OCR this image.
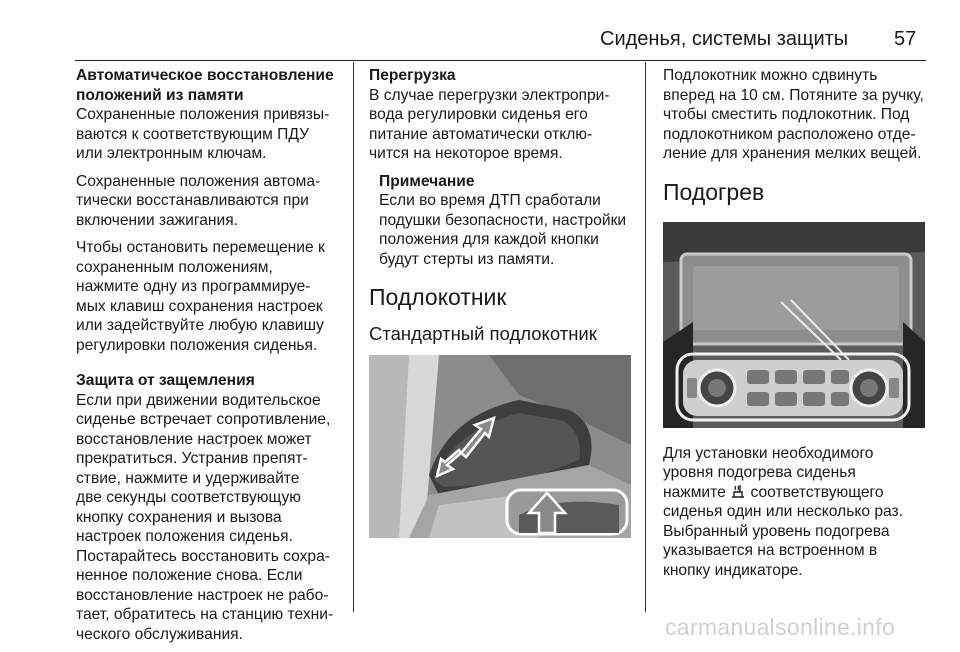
Сиденья, системы защиты 57
Автоматическое восстановление
положений из памяти

Сохраненные положения привязы-
ваются к соответствующим ПДУ
или электронным ключам.

Сохраненные положения автома-
тически восстанавливаются при
включении зажигания.

Чтобы остановить перемещение к
сохраненным положениям,
нажмите одну из программируе-
мых клавиш сохранения настроек
или задействуйте любую клавишу
регулировки положения сиденья.

Защита от защемления

Если при движении водительское
сиденье встречает сопротивление,
восстановление настроек может
прекратиться. Устранив препят-
ствие, нажмите и удерживайте
две секунды соответствующую
кнопку сохранения и вызова
настроек положения сиденья.
Постарайтесь восстановить сохра-
ненное положение снова. Если
восстановление настроек не рабо-
тает, обратитесь на станцию техни-
ческого обслуживания.

Перегрузка

В случае перегрузки электропри-
вода регулировки сиденья его
питание автоматически отклю-
чится на некоторое время.

Примечание
Если во время ДТП сработали
подушки безопасности, настройки
положения для каждой кнопки
будут стерты из памяти.
Подлокотник
Стандартный подлокотник

Подлокотник можно сдвинуть
вперед на 10 см. Потяните за ручку,
чтобы сместить подлокотник. Под
подлокотником расположено отде-
ление для хранения мелких вещей.

Подогрев

Для установки необходимого
уровня подогрева сиденья
нажмите соответствующего
сиденья один или несколько раз.
Выбранный уровень подогрева
указывается на встроенном в
кнопку индикаторе.

carmanualsonline.info
